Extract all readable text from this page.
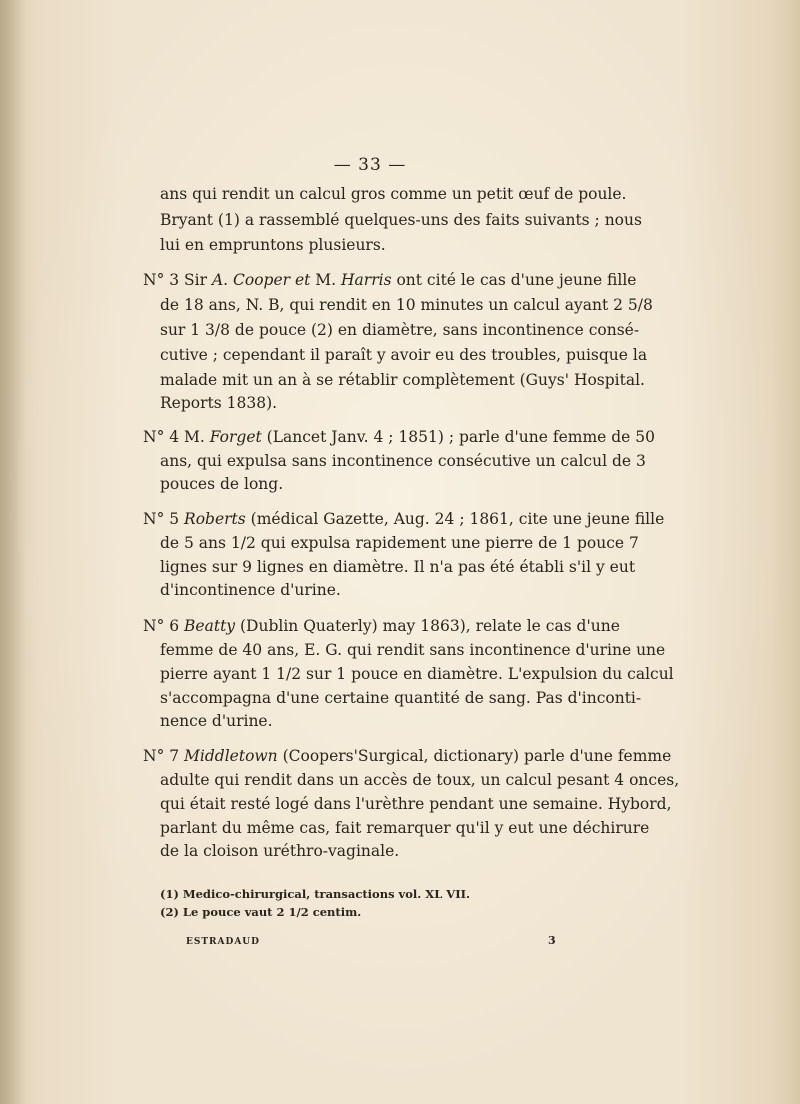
— 33 —
ans qui rendit un calcul gros comme un petit œuf de poule.
Bryant (1) a rassemblé quelques-uns des faits suivants ; nous
lui en empruntons plusieurs.
N° 3 Sir A. Cooper et M. Harris ont cité le cas d'une jeune fille
de 18 ans, N. B, qui rendit en 10 minutes un calcul ayant 2 5/8
sur 1 3/8 de pouce (2) en diamètre, sans incontinence consé-
cutive ; cependant il paraît y avoir eu des troubles, puisque la
malade mit un an à se rétablir complètement (Guys' Hospital.
Reports 1838).
N° 4 M. Forget (Lancet Janv. 4 ; 1851) ; parle d'une femme de 50
ans, qui expulsa sans incontinence consécutive un calcul de 3
pouces de long.
N° 5 Roberts (médical Gazette, Aug. 24 ; 1861, cite une jeune fille
de 5 ans 1/2 qui expulsa rapidement une pierre de 1 pouce 7
lignes sur 9 lignes en diamètre. Il n'a pas été établi s'il y eut
d'incontinence d'urine.
N° 6 Beatty (Dublin Quaterly) may 1863), relate le cas d'une
femme de 40 ans, E. G. qui rendit sans incontinence d'urine une
pierre ayant 1 1/2 sur 1 pouce en diamètre. L'expulsion du calcul
s'accompagna d'une certaine quantité de sang. Pas d'inconti-
nence d'urine.
N° 7 Middletown (Coopers'Surgical, dictionary) parle d'une femme
adulte qui rendit dans un accès de toux, un calcul pesant 4 onces,
qui était resté logé dans l'urèthre pendant une semaine. Hybord,
parlant du même cas, fait remarquer qu'il y eut une déchirure
de la cloison uréthro-vaginale.
(1) Medico-chirurgical, transactions vol. XL VII.
(2) Le pouce vaut 2 1/2 centim.
ESTRADAUD	3
